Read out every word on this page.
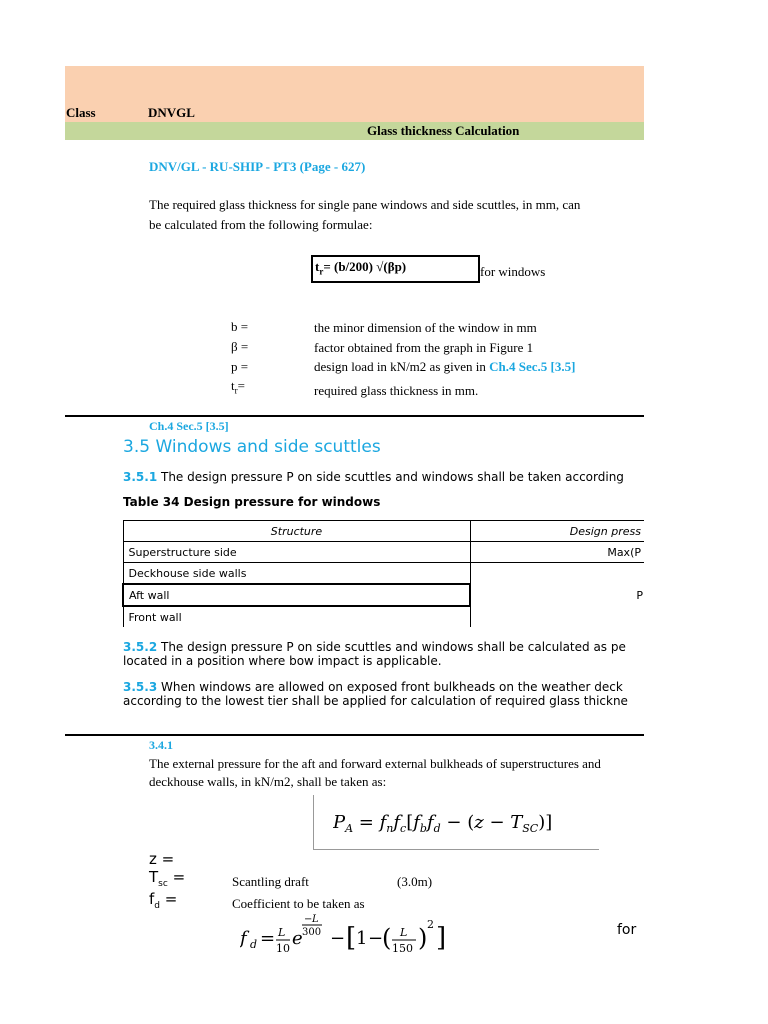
Class	DNVGL
Glass thickness Calculation
DNV/GL - RU-SHIP - PT3 (Page - 627)
The required glass thickness for single pane windows and side scuttles, in mm, can
be calculated from the following formulae:
$t_r= (b/200)$ √(βp)	for windows
b =	the minor dimension of the window in mm
β =	factor obtained from the graph in Figure 1
p =	design load in kN/m2 as given in Ch.4 Sec.5 [3.5]
$t_r=$	required glass thickness in mm.
Ch.4 Sec.5 [3.5]
3.5 Windows and side scuttles
3.5.1 The design pressure P on side scuttles and windows shall be taken according
Table 34 Design pressure for windows
Structure	Design press
Superstructure side	Max(P
Deckhouse side walls	P
Aft wall	
Front wall	
3.5.2 The design pressure P on side scuttles and windows shall be calculated as pe
located in a position where bow impact is applicable.
3.5.3 When windows are allowed on exposed front bulkheads on the weather deck
according to the lowest tier shall be applied for calculation of required glass thickne
3.4.1
The external pressure for the aft and forward external bulkheads of superstructures and
deckhouse walls, in kN/m2, shall be taken as:
$P_A = f_nf_c[f_bf_d - (z - T_{SC})]$
z =
$T_{sc}$ =	Scantling draft	(3.0m)
$f_d$ =	Coefficient to be taken as
f d = L
10 e
− L
300 − [ 1 −
( L
150 ) 2 ]	for
